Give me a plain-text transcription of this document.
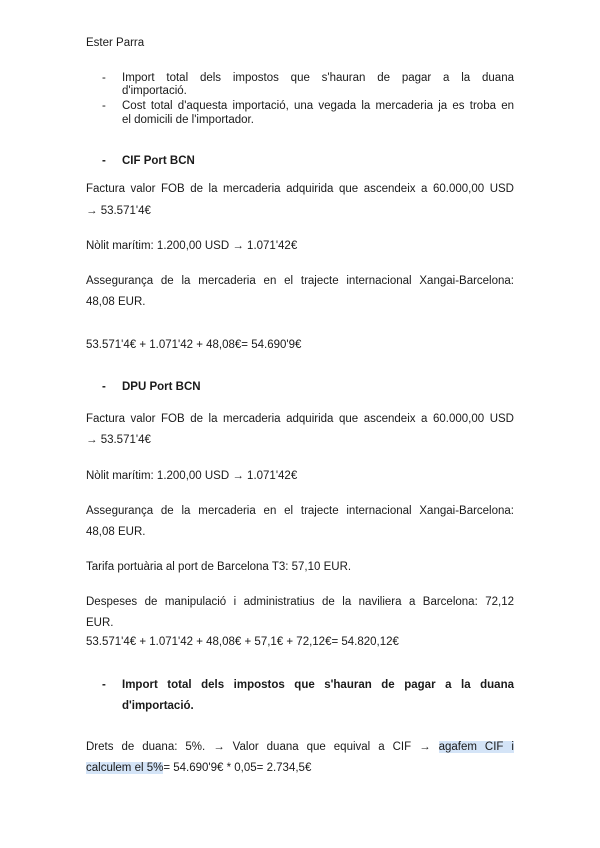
Ester Parra
- Import total dels impostos que s'hauran de pagar a la duana
d'importació.
- Cost total d'aquesta importació, una vegada la mercaderia ja es troba en
el domicili de l'importador.
- CIF Port BCN
Factura valor FOB de la mercaderia adquirida que ascendeix a 60.000,00 USD
→ 53.571'4€
Nòlit marítim: 1.200,00 USD → 1.071'42€
Assegurança de la mercaderia en el trajecte internacional Xangai-Barcelona:
48,08 EUR.
53.571'4€ + 1.071'42 + 48,08€= 54.690'9€
- DPU Port BCN
Factura valor FOB de la mercaderia adquirida que ascendeix a 60.000,00 USD
→ 53.571'4€
Nòlit marítim: 1.200,00 USD → 1.071'42€
Assegurança de la mercaderia en el trajecte internacional Xangai-Barcelona:
48,08 EUR.
Tarifa portuària al port de Barcelona T3: 57,10 EUR.
Despeses de manipulació i administratius de la naviliera a Barcelona: 72,12
EUR.
53.571'4€ + 1.071'42 + 48,08€ + 57,1€ + 72,12€= 54.820,12€
- Import total dels impostos que s'hauran de pagar a la duana
d'importació.
Drets de duana: 5%. → Valor duana que equival a CIF → agafem CIF i
calculem el 5%= 54.690'9€ * 0,05= 2.734,5€
